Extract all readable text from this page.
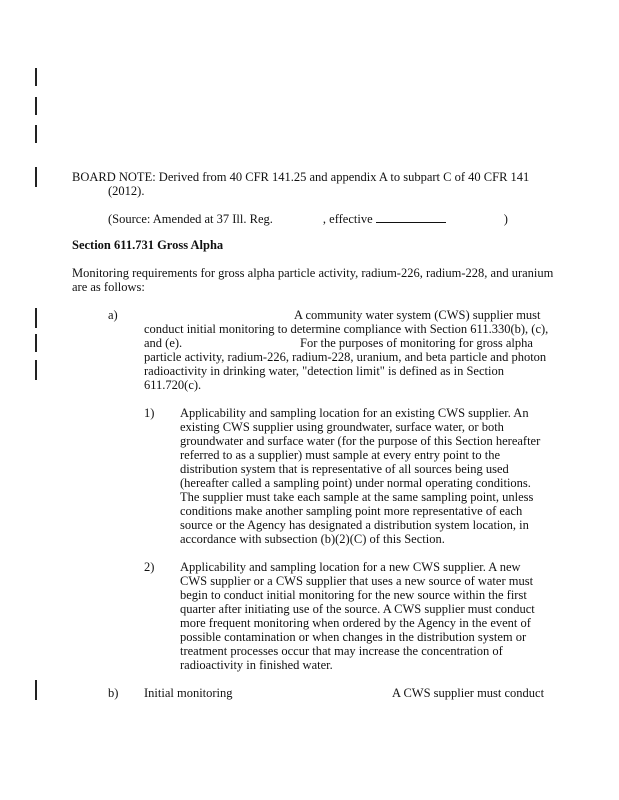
BOARD NOTE: Derived from 40 CFR 141.25 and appendix A to subpart C of 40 CFR 141
(2012).
(Source: Amended at 37 Ill. Reg.	, effective	)
Section 611.731 Gross Alpha
Monitoring requirements for gross alpha particle activity, radium-226, radium-228, and uranium
are as follows:
a)	A community water system (CWS) supplier must
conduct initial monitoring to determine compliance with Section 611.330(b), (c),
and (e).	For the purposes of monitoring for gross alpha
particle activity, radium-226, radium-228, uranium, and beta particle and photon
radioactivity in drinking water, "detection limit" is defined as in Section
611.720(c).
1) Applicability and sampling location for an existing CWS supplier. An
existing CWS supplier using groundwater, surface water, or both
groundwater and surface water (for the purpose of this Section hereafter
referred to as a supplier) must sample at every entry point to the
distribution system that is representative of all sources being used
(hereafter called a sampling point) under normal operating conditions.
The supplier must take each sample at the same sampling point, unless
conditions make another sampling point more representative of each
source or the Agency has designated a distribution system location, in
accordance with subsection (b)(2)(C) of this Section.
2) Applicability and sampling location for a new CWS supplier. A new
CWS supplier or a CWS supplier that uses a new source of water must
begin to conduct initial monitoring for the new source within the first
quarter after initiating use of the source. A CWS supplier must conduct
more frequent monitoring when ordered by the Agency in the event of
possible contamination or when changes in the distribution system or
treatment processes occur that may increase the concentration of
radioactivity in finished water.
b) Initial monitoring	A CWS supplier must conduct
